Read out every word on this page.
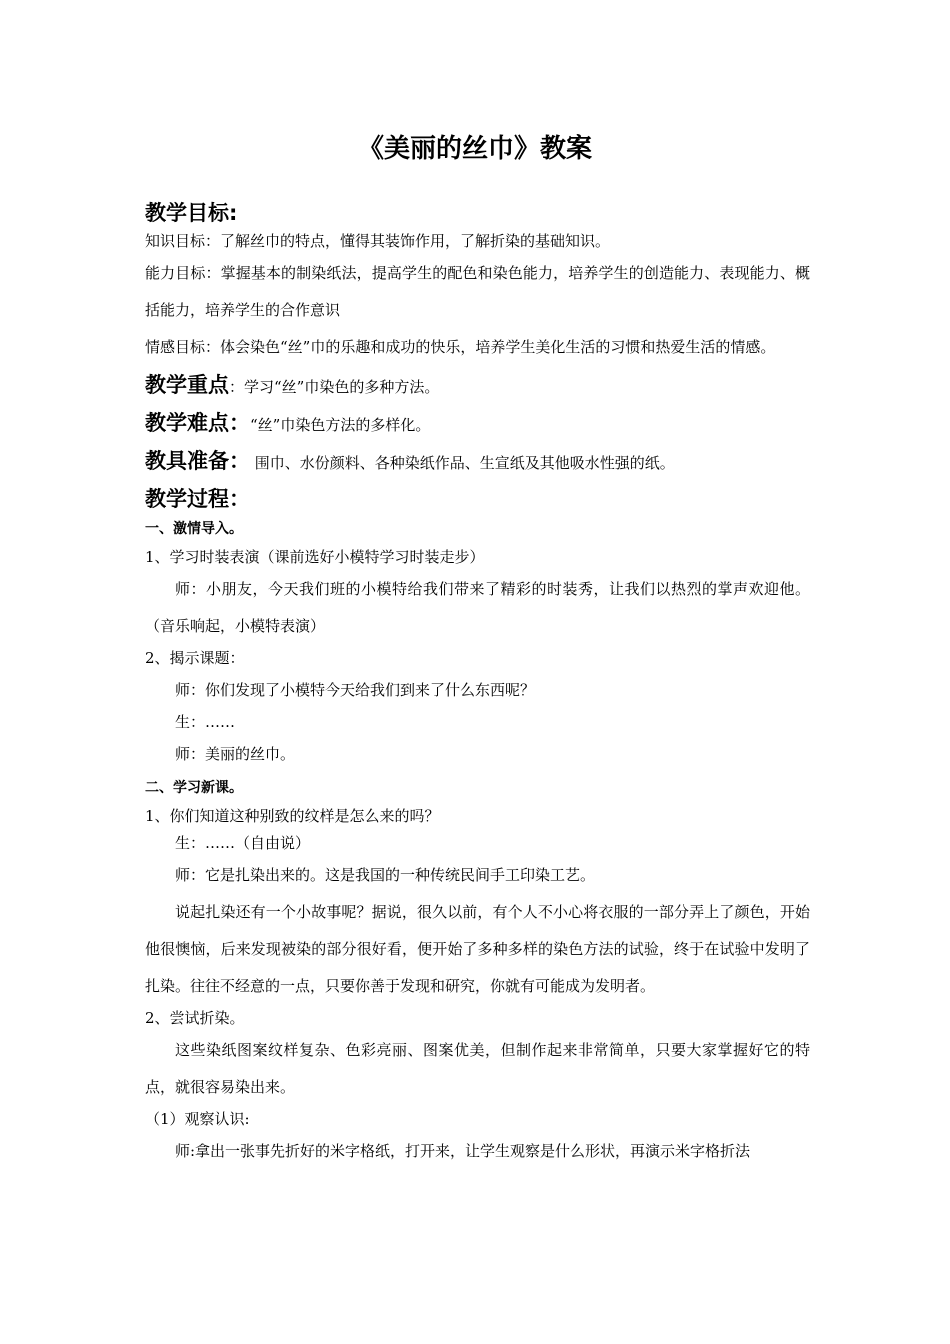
《美丽的丝巾》教案
教学目标:
知识目标：了解丝巾的特点，懂得其装饰作用，了解折染的基础知识。
能力目标：掌握基本的制染纸法，提高学生的配色和染色能力，培养学生的创造能力、表现能力、概括能力，培养学生的合作意识
情感目标：体会染色“丝”巾的乐趣和成功的快乐，培养学生美化生活的习惯和热爱生活的情感。
教学重点：学习“丝”巾染色的多种方法。
教学难点：“丝”巾染色方法的多样化。
教具准备： 围巾、水份颜料、各种染纸作品、生宣纸及其他吸水性强的纸。
教学过程：
一、激情导入。
1、学习时装表演（课前选好小模特学习时装走步）
师：小朋友，今天我们班的小模特给我们带来了精彩的时装秀，让我们以热烈的掌声欢迎他。（音乐响起，小模特表演）
2、揭示课题：
师：你们发现了小模特今天给我们到来了什么东西呢？
生：……
师：美丽的丝巾。
二、学习新课。
1、你们知道这种别致的纹样是怎么来的吗？
生：……（自由说）
师：它是扎染出来的。这是我国的一种传统民间手工印染工艺。
说起扎染还有一个小故事呢？据说，很久以前，有个人不小心将衣服的一部分弄上了颜色，开始他很懊恼，后来发现被染的部分很好看，便开始了多种多样的染色方法的试验，终于在试验中发明了扎染。往往不经意的一点，只要你善于发现和研究，你就有可能成为发明者。
2、尝试折染。
这些染纸图案纹样复杂、色彩亮丽、图案优美，但制作起来非常简单，只要大家掌握好它的特点，就很容易染出来。
（1）观察认识:
师:拿出一张事先折好的米字格纸，打开来，让学生观察是什么形状，再演示米字格折法
